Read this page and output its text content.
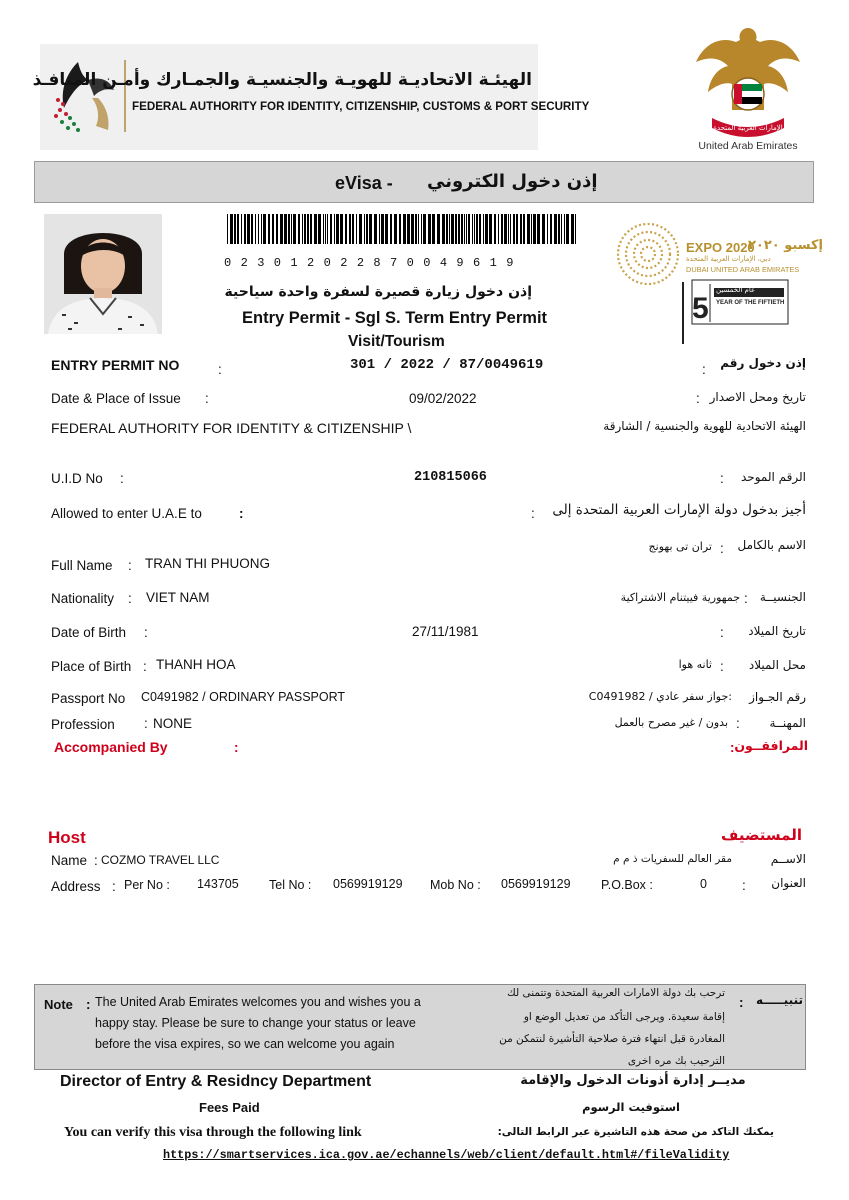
الهيئـة الاتحاديـة للهويـة والجنسيـة والجمـارك وأمـن المنافـذ
FEDERAL AUTHORITY FOR IDENTITY, CITIZENSHIP, CUSTOMS & PORT SECURITY
الإمارات العربية المتحدة
United Arab Emirates
eVisa - إذن دخول الكتروني
0 2 3 0 1 2 0 2 2 8 7 0 0 4 9 6 1 9
5
EXPO 2020
إكسبو ٢٠٢٠
دبي، الإمارات العربية المتحدة
DUBAI UNITED ARAB EMIRATES
عام الخمسين
YEAR OF THE FIFTIETH
إذن دخول زيارة قصيرة لسفرة واحدة سياحية
Entry Permit - Sgl S. Term Entry Permit
Visit/Tourism
ENTRY PERMIT NO	:	301 / 2022 / 87/0049619	: إذن دخول رقم
Date & Place of Issue :	09/02/2022	: تاريخ ومحل الاصدار
FEDERAL AUTHORITY FOR IDENTITY & CITIZENSHIP \	الهيئة الاتحادية للهوية والجنسية / الشارقة
U.I.D No :	210815066	:	الرقم الموحد
Allowed to enter U.A.E to	:	: أجيز بدخول دولة الإمارات العربية المتحدة إلى
تران تى بهونج :	الاسم بالكامل
Full Name : TRAN THI PHUONG
Nationality : VIET NAM	جمهورية فييتنام الاشتراكية :	الجنسيــة
Date of Birth :	27/11/1981	:	تاريخ الميلاد
Place of Birth : THANH HOA	ثانه هوا :	محل الميلاد
Passport No C0491982 / ORDINARY PASSPORT	C0491982 / جواز سفر عادي:	رقم الجـواز
Profession : NONE	بدون / غير مصرح بالعمل :	المهنــة
Accompanied By	:	: المرافقــون
Host	المستضيف
Name : COZMO TRAVEL LLC	مقر العالم للسفريات ذ م م	الاســم
Address : Per No : 143705 Tel No : 0569919129 Mob No : 0569919129 P.O.Box :	0	:	العنوان
Note : The United Arab Emirates welcomes you and wishes you a
happy stay. Please be sure to change your status or leave
before the visa expires, so we can welcome you again
ترحب بك دولة الامارات العربية المتحدة وتتمنى لك
إقامة سعيدة. ويرجى التأكد من تعديل الوضع او
المغادرة قبل انتهاء فترة صلاحية التأشيرة لنتمكن من
الترحيب بك مره اخرى
:	تنبيـــــه
Director of Entry & Residncy Department	مديــر إدارة أذونات الدخول والإقامة
Fees Paid	استوفيت الرسوم
You can verify this visa through the following link	يمكنك التاكد من صحة هذه التاشيرة عبر الرابط التالى:
https://smartservices.ica.gov.ae/echannels/web/client/default.html#/fileValidity
